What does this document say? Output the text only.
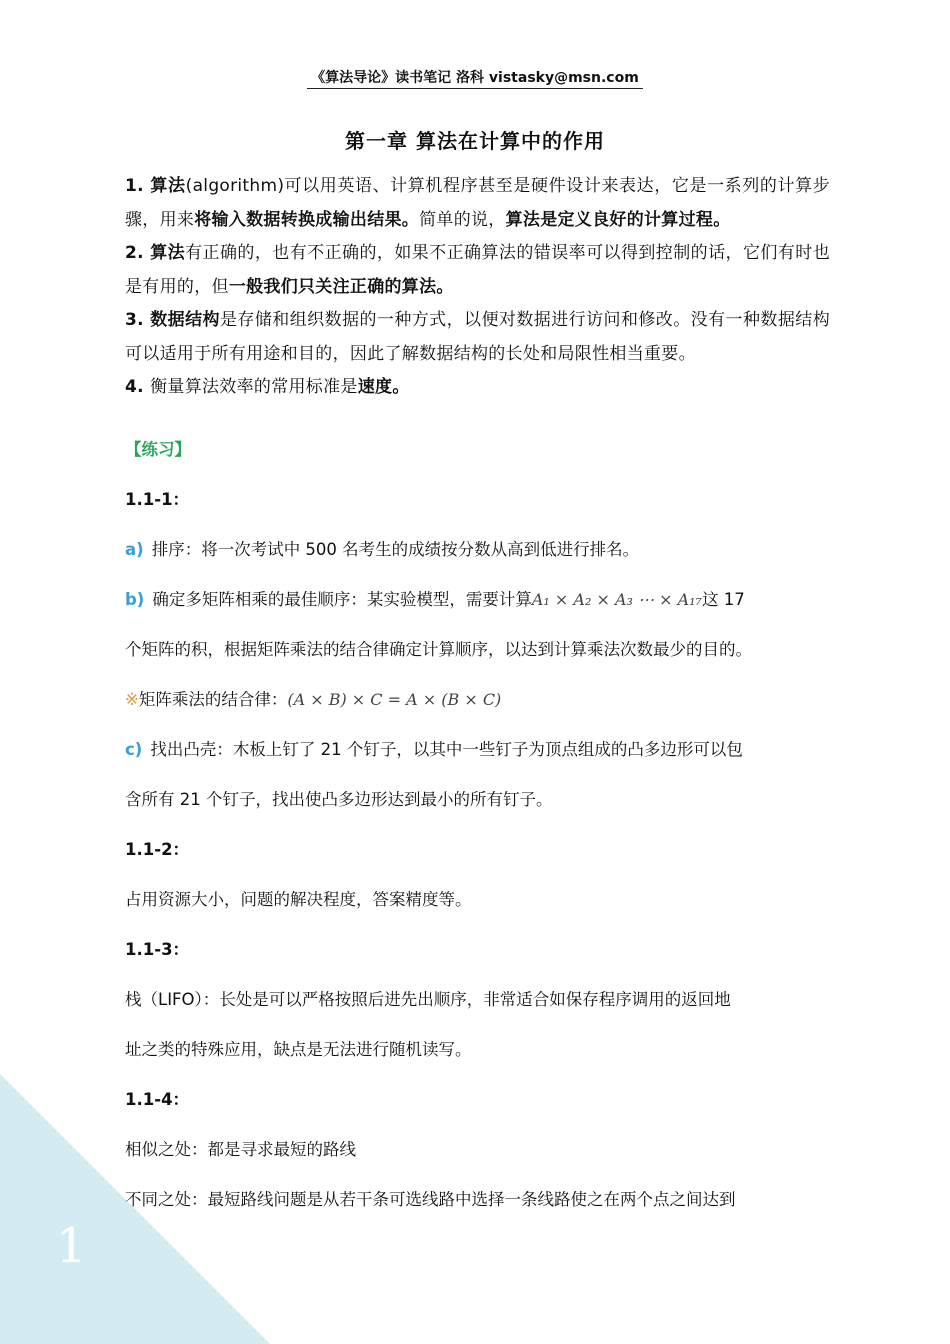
1
《算法导论》读书笔记 洛科 vistasky@msn.com
第一章 算法在计算中的作用

1. 算法(algorithm)可以用英语、计算机程序甚至是硬件设计来表达，它是一系列的计算步骤，用来将输入数据转换成输出结果。简单的说，算法是定义良好的计算过程。

2. 算法有正确的，也有不正确的，如果不正确算法的错误率可以得到控制的话，它们有时也是有用的，但一般我们只关注正确的算法。

3. 数据结构是存储和组织数据的一种方式，以便对数据进行访问和修改。没有一种数据结构可以适用于所有用途和目的，因此了解数据结构的长处和局限性相当重要。

4. 衡量算法效率的常用标准是速度。

【练习】
1.1-1：
a) 排序：将一次考试中 500 名考生的成绩按分数从高到低进行排名。
b) 确定多矩阵相乘的最佳顺序：某实验模型，需要计算A₁ × A₂ × A₃ ⋯ × A₁₇这 17
个矩阵的积，根据矩阵乘法的结合律确定计算顺序，以达到计算乘法次数最少的目的。
※矩阵乘法的结合律：(A × B) × C = A × (B × C)
c) 找出凸壳：木板上钉了 21 个钉子，以其中一些钉子为顶点组成的凸多边形可以包
含所有 21 个钉子，找出使凸多边形达到最小的所有钉子。
1.1-2：
占用资源大小，问题的解决程度，答案精度等。
1.1-3：
栈（LIFO）：长处是可以严格按照后进先出顺序，非常适合如保存程序调用的返回地
址之类的特殊应用，缺点是无法进行随机读写。
1.1-4：
相似之处：都是寻求最短的路线
不同之处：最短路线问题是从若干条可选线路中选择一条线路使之在两个点之间达到
